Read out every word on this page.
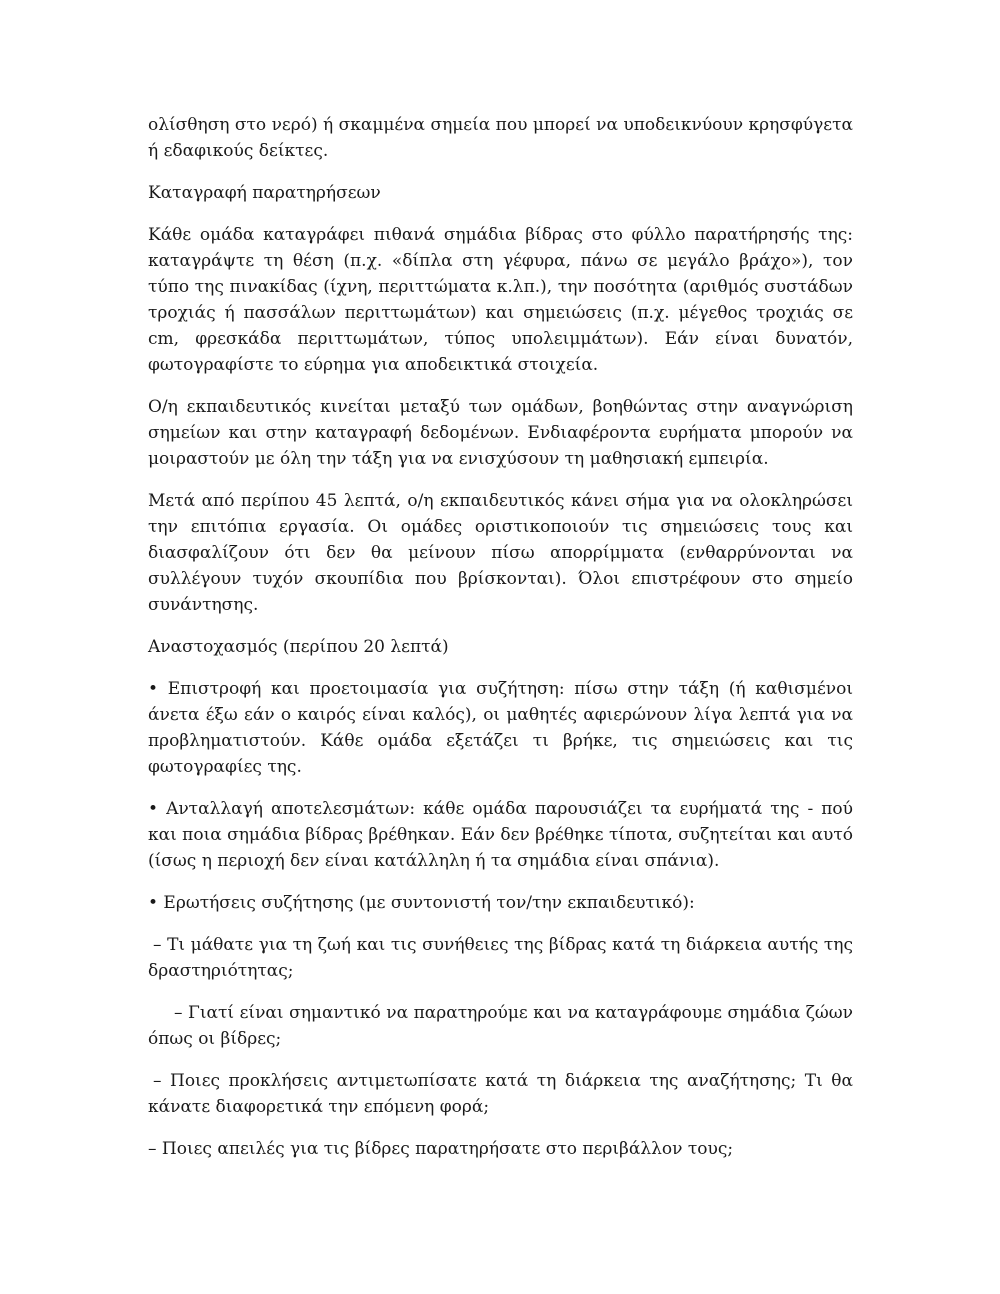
ολίσθηση στο νερό) ή σκαμμένα σημεία που μπορεί να υποδεικνύουν κρησφύγετα ή εδαφικούς δείκτες.

Καταγραφή παρατηρήσεων

Κάθε ομάδα καταγράφει πιθανά σημάδια βίδρας στο φύλλο παρατήρησής της: καταγράψτε τη θέση (π.χ. «δίπλα στη γέφυρα, πάνω σε μεγάλο βράχο»), τον τύπο της πινακίδας (ίχνη, περιττώματα κ.λπ.), την ποσότητα (αριθμός συστάδων τροχιάς ή πασσάλων περιττωμάτων) και σημειώσεις (π.χ. μέγεθος τροχιάς σε cm, φρεσκάδα περιττωμάτων, τύπος υπολειμμάτων). Εάν είναι δυνατόν, φωτογραφίστε το εύρημα για αποδεικτικά στοιχεία.

Ο/η εκπαιδευτικός κινείται μεταξύ των ομάδων, βοηθώντας στην αναγνώριση σημείων και στην καταγραφή δεδομένων. Ενδιαφέροντα ευρήματα μπορούν να μοιραστούν με όλη την τάξη για να ενισχύσουν τη μαθησιακή εμπειρία.

Μετά από περίπου 45 λεπτά, ο/η εκπαιδευτικός κάνει σήμα για να ολοκληρώσει την επιτόπια εργασία. Οι ομάδες οριστικοποιούν τις σημειώσεις τους και διασφαλίζουν ότι δεν θα μείνουν πίσω απορρίμματα (ενθαρρύνονται να συλλέγουν τυχόν σκουπίδια που βρίσκονται). Όλοι επιστρέφουν στο σημείο συνάντησης.

Αναστοχασμός (περίπου 20 λεπτά)

• Επιστροφή και προετοιμασία για συζήτηση: πίσω στην τάξη (ή καθισμένοι άνετα έξω εάν ο καιρός είναι καλός), οι μαθητές αφιερώνουν λίγα λεπτά για να προβληματιστούν. Κάθε ομάδα εξετάζει τι βρήκε, τις σημειώσεις και τις φωτογραφίες της.

• Ανταλλαγή αποτελεσμάτων: κάθε ομάδα παρουσιάζει τα ευρήματά της - πού και ποια σημάδια βίδρας βρέθηκαν. Εάν δεν βρέθηκε τίποτα, συζητείται και αυτό (ίσως η περιοχή δεν είναι κατάλληλη ή τα σημάδια είναι σπάνια).

• Ερωτήσεις συζήτησης (με συντονιστή τον/την εκπαιδευτικό):

– Τι μάθατε για τη ζωή και τις συνήθειες της βίδρας κατά τη διάρκεια αυτής της δραστηριότητας;

– Γιατί είναι σημαντικό να παρατηρούμε και να καταγράφουμε σημάδια ζώων όπως οι βίδρες;

– Ποιες προκλήσεις αντιμετωπίσατε κατά τη διάρκεια της αναζήτησης; Τι θα κάνατε διαφορετικά την επόμενη φορά;

– Ποιες απειλές για τις βίδρες παρατηρήσατε στο περιβάλλον τους;
